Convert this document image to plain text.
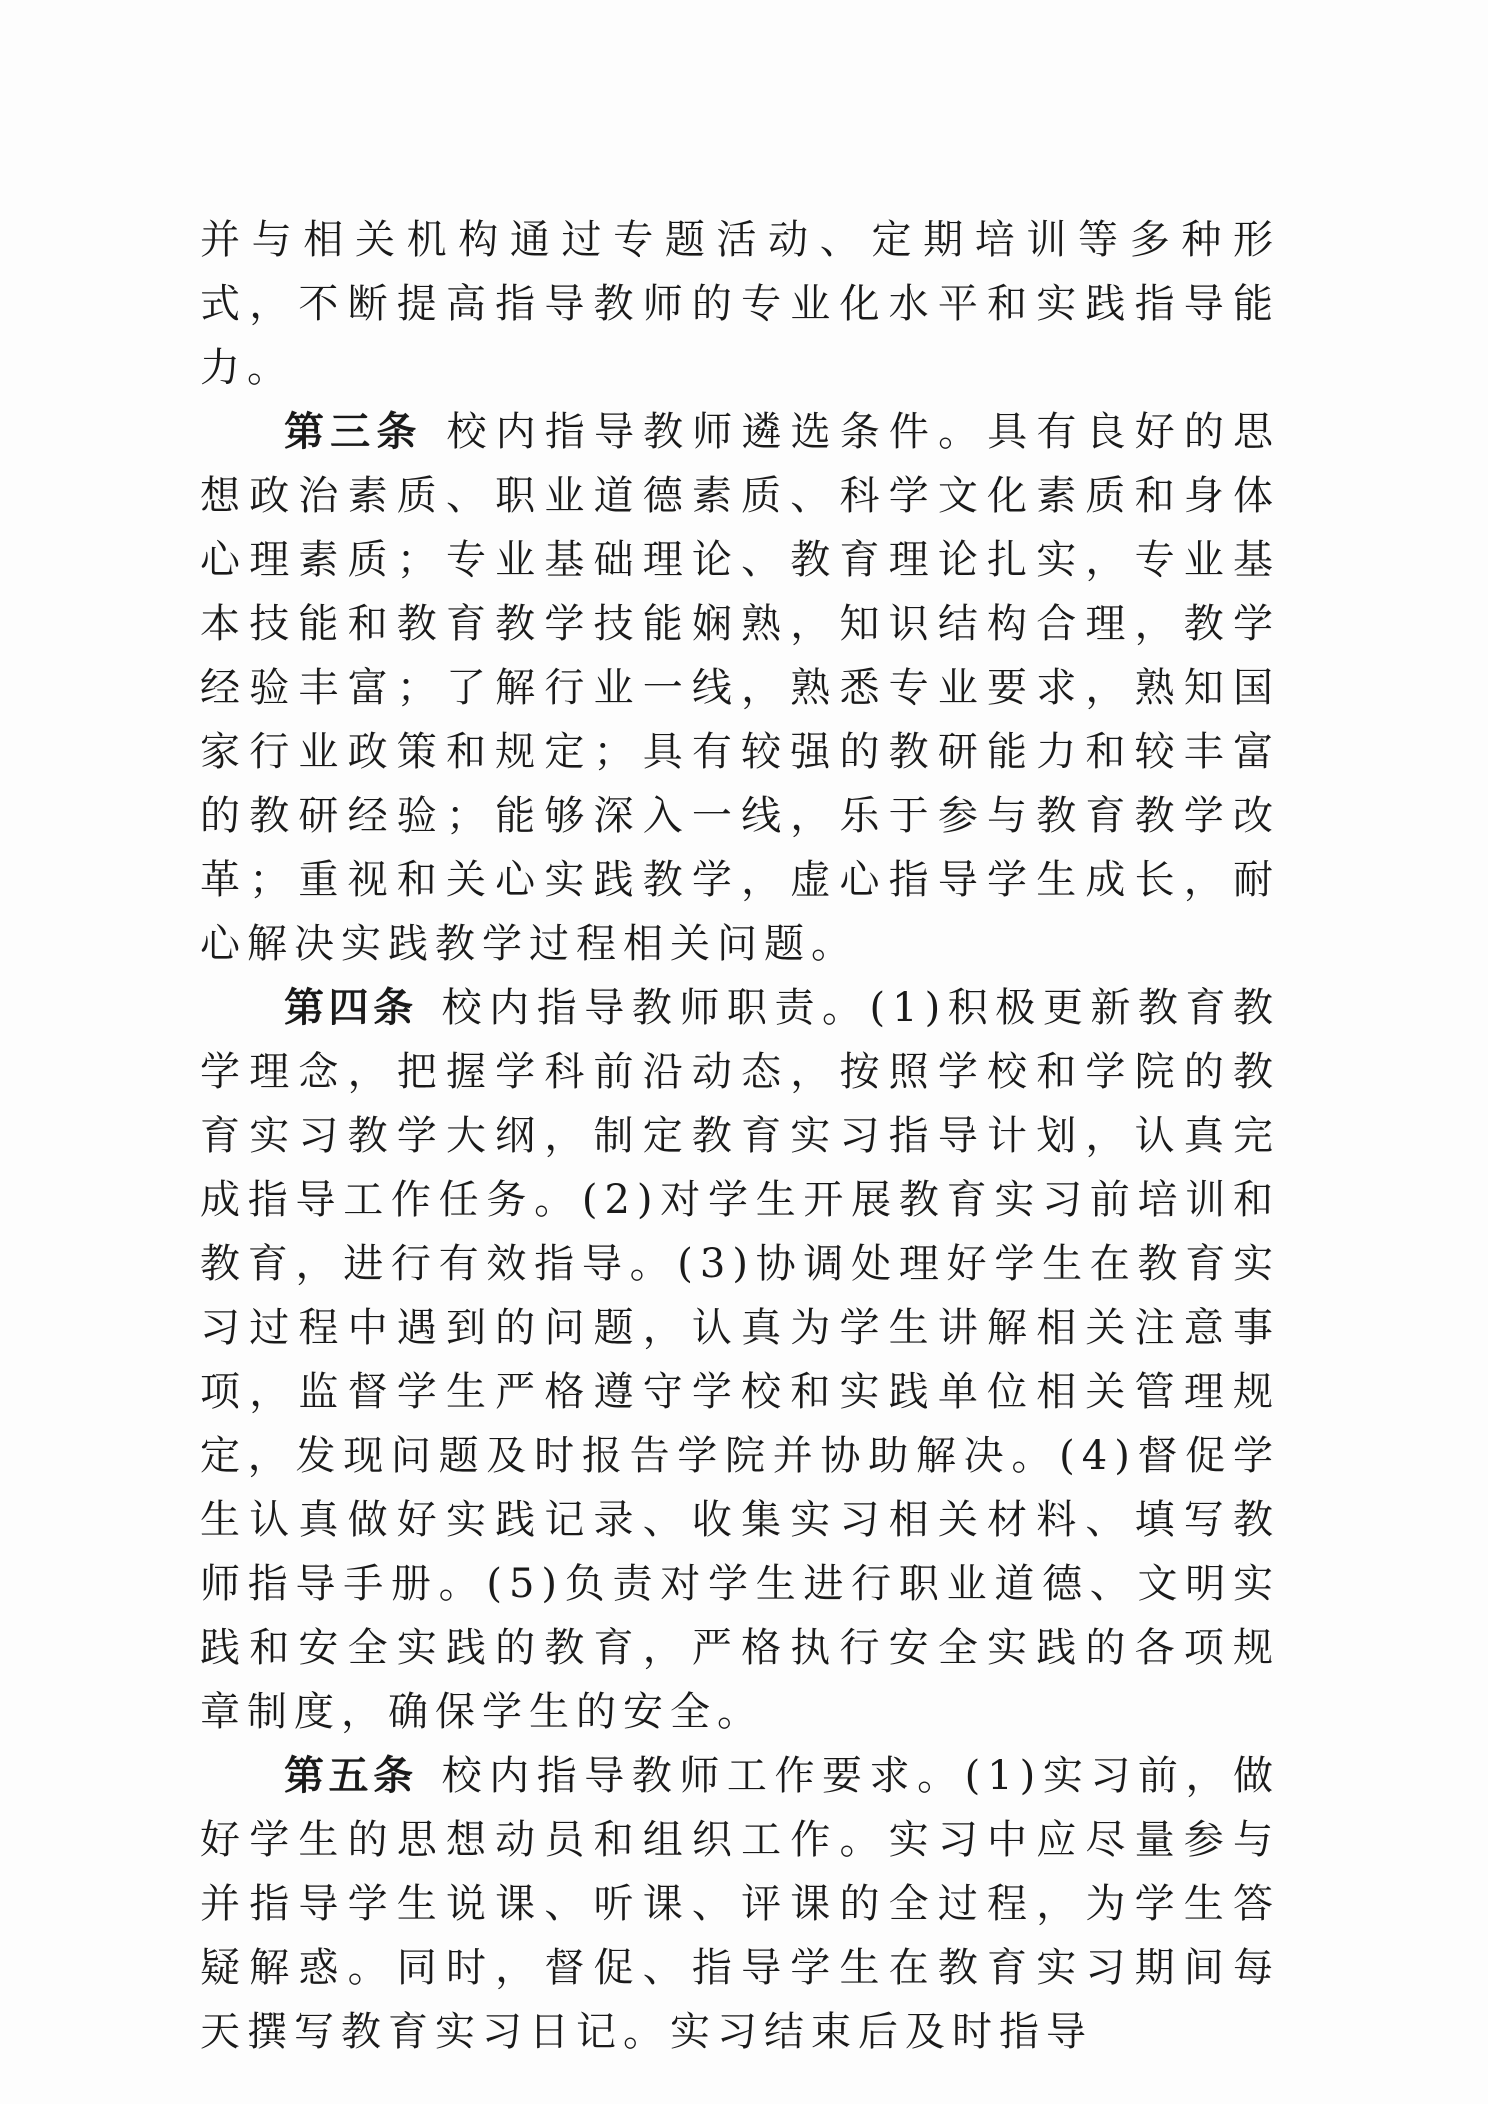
并与相关机构通过专题活动、定期培训等多种形式，不断提高指导教师的专业化水平和实践指导能力。

第三条 校内指导教师遴选条件。具有良好的思想政治素质、职业道德素质、科学文化素质和身体心理素质；专业基础理论、教育理论扎实，专业基本技能和教育教学技能娴熟，知识结构合理，教学经验丰富；了解行业一线，熟悉专业要求，熟知国家行业政策和规定；具有较强的教研能力和较丰富的教研经验；能够深入一线，乐于参与教育教学改革；重视和关心实践教学，虚心指导学生成长，耐心解决实践教学过程相关问题。

第四条 校内指导教师职责。(1)积极更新教育教学理念，把握学科前沿动态，按照学校和学院的教育实习教学大纲，制定教育实习指导计划，认真完成指导工作任务。(2)对学生开展教育实习前培训和教育，进行有效指导。(3)协调处理好学生在教育实习过程中遇到的问题，认真为学生讲解相关注意事项，监督学生严格遵守学校和实践单位相关管理规定，发现问题及时报告学院并协助解决。(4)督促学生认真做好实践记录、收集实习相关材料、填写教师指导手册。(5)负责对学生进行职业道德、文明实践和安全实践的教育，严格执行安全实践的各项规章制度，确保学生的安全。

第五条 校内指导教师工作要求。(1)实习前，做好学生的思想动员和组织工作。实习中应尽量参与并指导学生说课、听课、评课的全过程，为学生答疑解惑。同时，督促、指导学生在教育实习期间每天撰写教育实习日记。实习结束后及时指导
